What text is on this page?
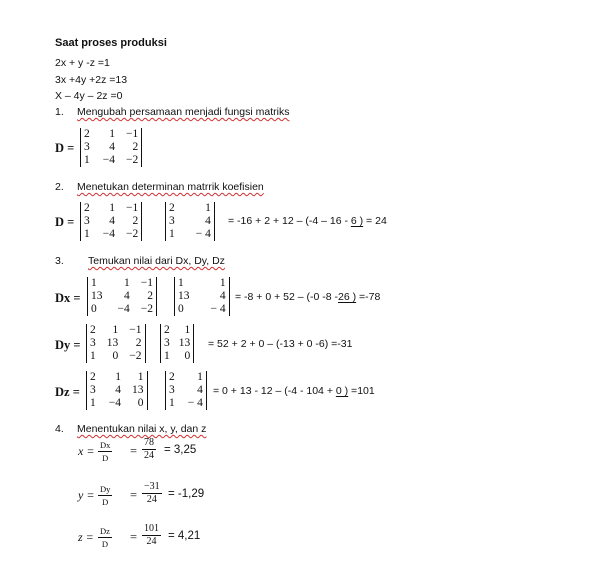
Saat proses produksi
2x + y -z =1
3x +4y +2z =13
X – 4y – 2z =0
1. Mengubah persamaan menjadi fungsi matriks
D =
2	1	−1
3	4	2
1	−4	−2
2. Menetukan determinan matrrik koefisien
D =
2	1	−1
3	4	2
1	−4	−2
2	1
3	4
1	− 4
= -16 + 2 + 12 – (-4 – 16 - 6 ) = 24
3. Temukan nilai dari Dx, Dy, Dz
Dx =
1	1	−1
13	4	2
0	−4	−2
1	1
13	4
0	− 4
= -8 + 0 + 52 – (-0 -8 -26 ) =-78
Dy =
2	1	−1
3	13	2
1	0	−2
2	1
3	13
1	0
= 52 + 2 + 0 – (-13 + 0 -6) =-31
Dz =
2	1	1
3	4	13
1	−4	0
2	1
3	4
1	− 4
= 0 + 13 - 12 – (-4 - 104 + 0 ) =101
4. Menentukan nilai x, y, dan z
$x = \frac{Dx}{D} = \frac{78}{24} = 3,25$
$y = \frac{Dy}{D} = \frac{-31}{24} = -1,29$
$z = \frac{Dz}{D} = \frac{101}{24} = 4,21$
